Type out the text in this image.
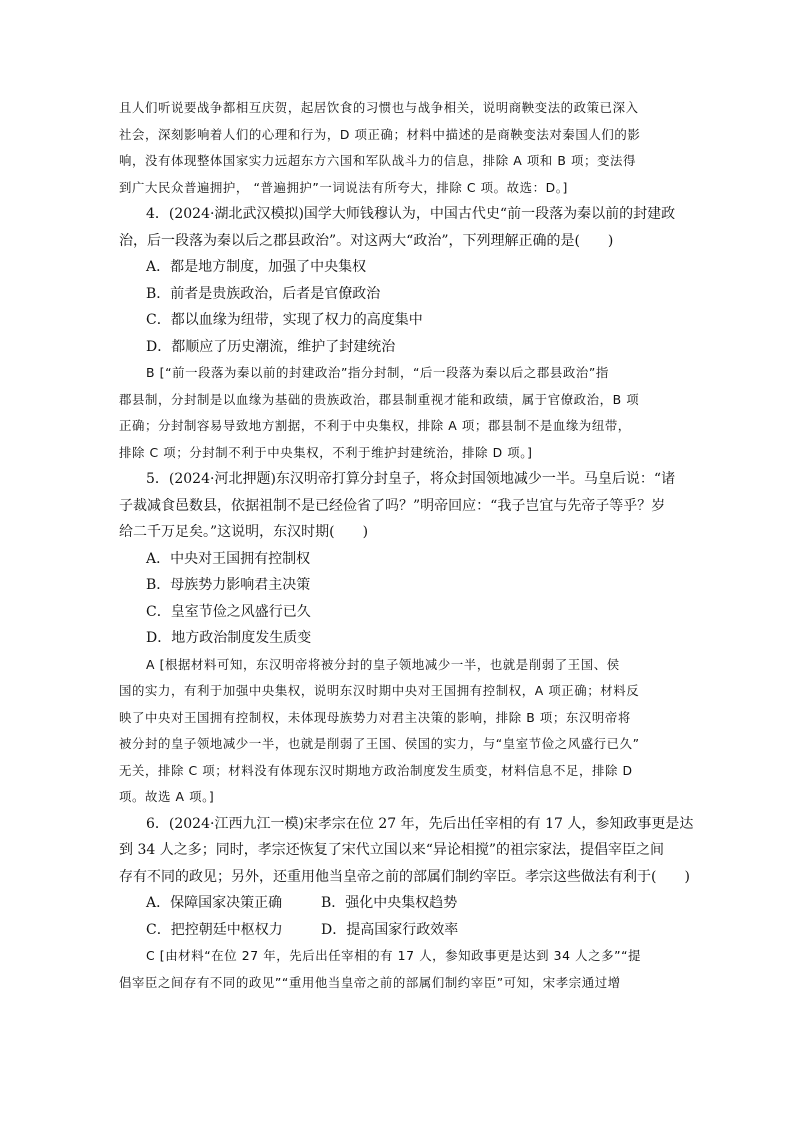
且人们听说要战争都相互庆贺，起居饮食的习惯也与战争相关，说明商鞅变法的政策已深入
社会，深刻影响着人们的心理和行为，D 项正确；材料中描述的是商鞅变法对秦国人们的影
响，没有体现整体国家实力远超东方六国和军队战斗力的信息，排除 A 项和 B 项；变法得
到广大民众普遍拥护， “普遍拥护”一词说法有所夸大，排除 C 项。故选：D。]
4．(2024·湖北武汉模拟)国学大师钱穆认为，中国古代史“前一段落为秦以前的封建政
治，后一段落为秦以后之郡县政治”。对这两大“政治”，下列理解正确的是(　　)
A．都是地方制度，加强了中央集权
B．前者是贵族政治，后者是官僚政治
C．都以血缘为纽带，实现了权力的高度集中
D．都顺应了历史潮流，维护了封建统治
B [“前一段落为秦以前的封建政治”指分封制，“后一段落为秦以后之郡县政治”指
郡县制，分封制是以血缘为基础的贵族政治，郡县制重视才能和政绩，属于官僚政治，B 项
正确；分封制容易导致地方割据，不利于中央集权，排除 A 项；郡县制不是血缘为纽带，
排除 C 项；分封制不利于中央集权，不利于维护封建统治，排除 D 项。]
5．(2024·河北押题)东汉明帝打算分封皇子，将众封国领地减少一半。马皇后说：“诸
子裁减食邑数县，依据祖制不是已经俭省了吗？”明帝回应：“我子岂宜与先帝子等乎？岁
给二千万足矣。”这说明，东汉时期(　　)
A．中央对王国拥有控制权
B．母族势力影响君主决策
C．皇室节俭之风盛行已久
D．地方政治制度发生质变
A [根据材料可知，东汉明帝将被分封的皇子领地减少一半，也就是削弱了王国、侯
国的实力，有利于加强中央集权，说明东汉时期中央对王国拥有控制权，A 项正确；材料反
映了中央对王国拥有控制权，未体现母族势力对君主决策的影响，排除 B 项；东汉明帝将
被分封的皇子领地减少一半，也就是削弱了王国、侯国的实力，与“皇室节俭之风盛行已久”
无关，排除 C 项；材料没有体现东汉时期地方政治制度发生质变，材料信息不足，排除 D
项。故选 A 项。]
6．(2024·江西九江一模)宋孝宗在位 27 年，先后出任宰相的有 17 人，参知政事更是达
到 34 人之多；同时，孝宗还恢复了宋代立国以来“异论相搅”的祖宗家法，提倡宰臣之间
存有不同的政见；另外，还重用他当皇帝之前的部属们制约宰臣。孝宗这些做法有利于(　　)
A．保障国家决策正确	B．强化中央集权趋势
C．把控朝廷中枢权力	D．提高国家行政效率
C [由材料“在位 27 年，先后出任宰相的有 17 人，参知政事更是达到 34 人之多”“提
倡宰臣之间存有不同的政见”“重用他当皇帝之前的部属们制约宰臣”可知，宋孝宗通过增
